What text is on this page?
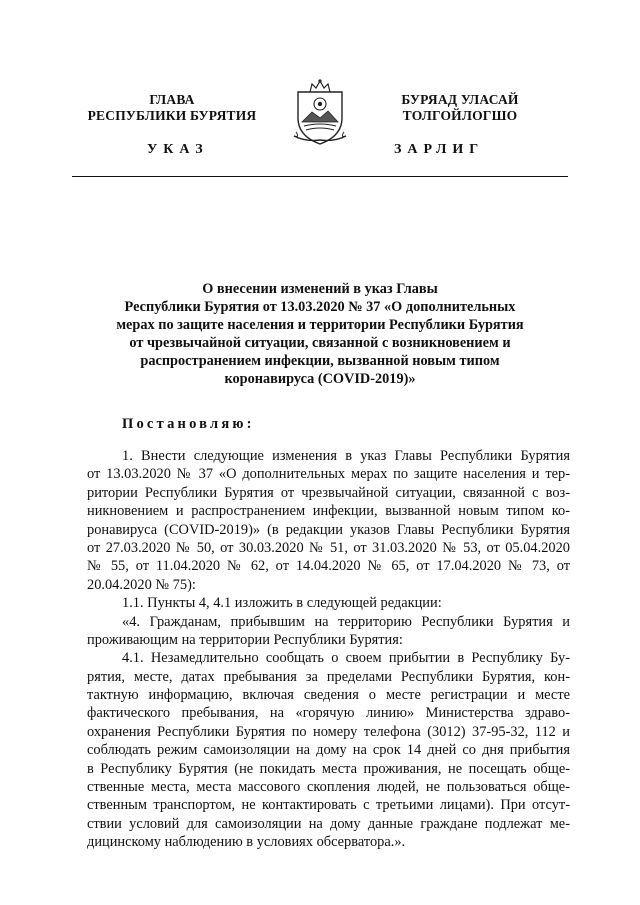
ГЛАВА
РЕСПУБЛИКИ БУРЯТИЯ
БУРЯАД УЛАСАЙ
ТОЛГОЙЛОГШО
УКАЗ	ЗАРЛИГ
О внесении изменений в указ Главы
Республики Бурятия от 13.03.2020 № 37 «О дополнительных
мерах по защите населения и территории Республики Бурятия
от чрезвычайной ситуации, связанной с возникновением и
распространением инфекции, вызванной новым типом
коронавируса (COVID-2019)»
Постановляю:
1. Внести следующие изменения в указ Главы Республики Бурятия
от 13.03.2020 № 37 «О дополнительных мерах по защите населения и тер-
ритории Республики Бурятия от чрезвычайной ситуации, связанной с воз-
никновением и распространением инфекции, вызванной новым типом ко-
ронавируса (COVID-2019)» (в редакции указов Главы Республики Бурятия
от 27.03.2020 № 50, от 30.03.2020 № 51, от 31.03.2020 № 53, от 05.04.2020
№ 55, от 11.04.2020 № 62, от 14.04.2020 № 65, от 17.04.2020 № 73, от
20.04.2020 № 75):
1.1. Пункты 4, 4.1 изложить в следующей редакции:
«4. Гражданам, прибывшим на территорию Республики Бурятия и
проживающим на территории Республики Бурятия:
4.1. Незамедлительно сообщать о своем прибытии в Республику Бу-
рятия, месте, датах пребывания за пределами Республики Бурятия, кон-
тактную информацию, включая сведения о месте регистрации и месте
фактического пребывания, на «горячую линию» Министерства здраво-
охранения Республики Бурятия по номеру телефона (3012) 37-95-32, 112 и
соблюдать режим самоизоляции на дому на срок 14 дней со дня прибытия
в Республику Бурятия (не покидать места проживания, не посещать обще-
ственные места, места массового скопления людей, не пользоваться обще-
ственным транспортом, не контактировать с третьими лицами). При отсут-
ствии условий для самоизоляции на дому данные граждане подлежат ме-
дицинскому наблюдению в условиях обсерватора.».
